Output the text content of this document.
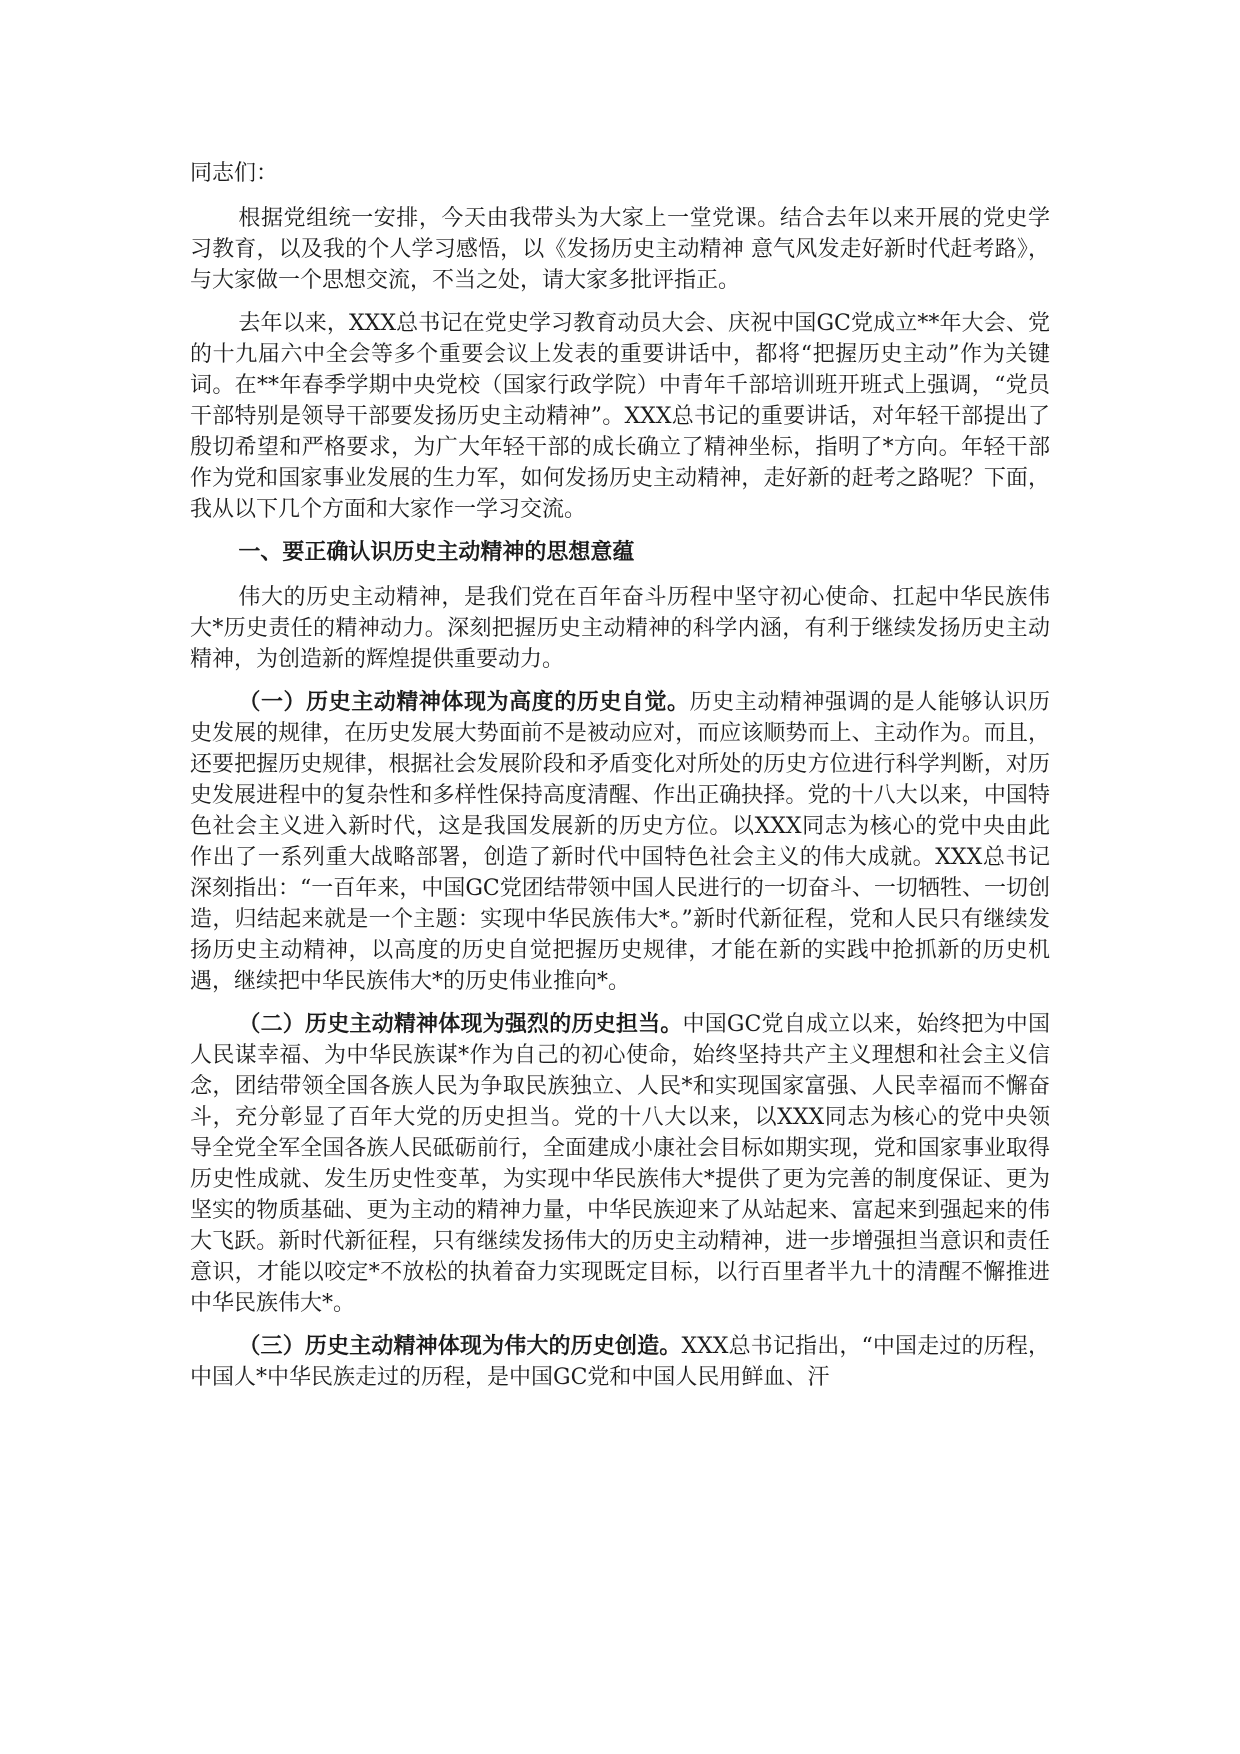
同志们：

根据党组统一安排，今天由我带头为大家上一堂党课。结合去年以来开展的党史学习教育，以及我的个人学习感悟，以《发扬历史主动精神 意气风发走好新时代赶考路》，与大家做一个思想交流，不当之处，请大家多批评指正。

去年以来，XXX总书记在党史学习教育动员大会、庆祝中国GC党成立**年大会、党的十九届六中全会等多个重要会议上发表的重要讲话中，都将“把握历史主动”作为关键词。在**年春季学期中央党校（国家行政学院）中青年千部培训班开班式上强调，“党员干部特别是领导干部要发扬历史主动精神”。XXX总书记的重要讲话，对年轻干部提出了殷切希望和严格要求，为广大年轻干部的成长确立了精神坐标，指明了*方向。年轻干部作为党和国家事业发展的生力军，如何发扬历史主动精神，走好新的赶考之路呢？下面，我从以下几个方面和大家作一学习交流。

一、要正确认识历史主动精神的思想意蕴

伟大的历史主动精神，是我们党在百年奋斗历程中坚守初心使命、扛起中华民族伟大*历史责任的精神动力。深刻把握历史主动精神的科学内涵，有利于继续发扬历史主动精神，为创造新的辉煌提供重要动力。

（一）历史主动精神体现为高度的历史自觉。历史主动精神强调的是人能够认识历史发展的规律，在历史发展大势面前不是被动应对，而应该顺势而上、主动作为。而且，还要把握历史规律，根据社会发展阶段和矛盾变化对所处的历史方位进行科学判断，对历史发展进程中的复杂性和多样性保持高度清醒、作出正确抉择。党的十八大以来，中国特色社会主义进入新时代，这是我国发展新的历史方位。以XXX同志为核心的党中央由此作出了一系列重大战略部署，创造了新时代中国特色社会主义的伟大成就。XXX总书记深刻指出：“一百年来，中国GC党团结带领中国人民进行的一切奋斗、一切牺牲、一切创造，归结起来就是一个主题：实现中华民族伟大*。”新时代新征程，党和人民只有继续发扬历史主动精神，以高度的历史自觉把握历史规律，才能在新的实践中抢抓新的历史机遇，继续把中华民族伟大*的历史伟业推向*。

（二）历史主动精神体现为强烈的历史担当。中国GC党自成立以来，始终把为中国人民谋幸福、为中华民族谋*作为自己的初心使命，始终坚持共产主义理想和社会主义信念，团结带领全国各族人民为争取民族独立、人民*和实现国家富强、人民幸福而不懈奋斗，充分彰显了百年大党的历史担当。党的十八大以来，以XXX同志为核心的党中央领导全党全军全国各族人民砥砺前行，全面建成小康社会目标如期实现，党和国家事业取得历史性成就、发生历史性变革，为实现中华民族伟大*提供了更为完善的制度保证、更为坚实的物质基础、更为主动的精神力量，中华民族迎来了从站起来、富起来到强起来的伟大飞跃。新时代新征程，只有继续发扬伟大的历史主动精神，进一步增强担当意识和责任意识，才能以咬定*不放松的执着奋力实现既定目标，以行百里者半九十的清醒不懈推进中华民族伟大*。

（三）历史主动精神体现为伟大的历史创造。XXX总书记指出，“中国走过的历程，中国人*中华民族走过的历程，是中国GC党和中国人民用鲜血、汗
